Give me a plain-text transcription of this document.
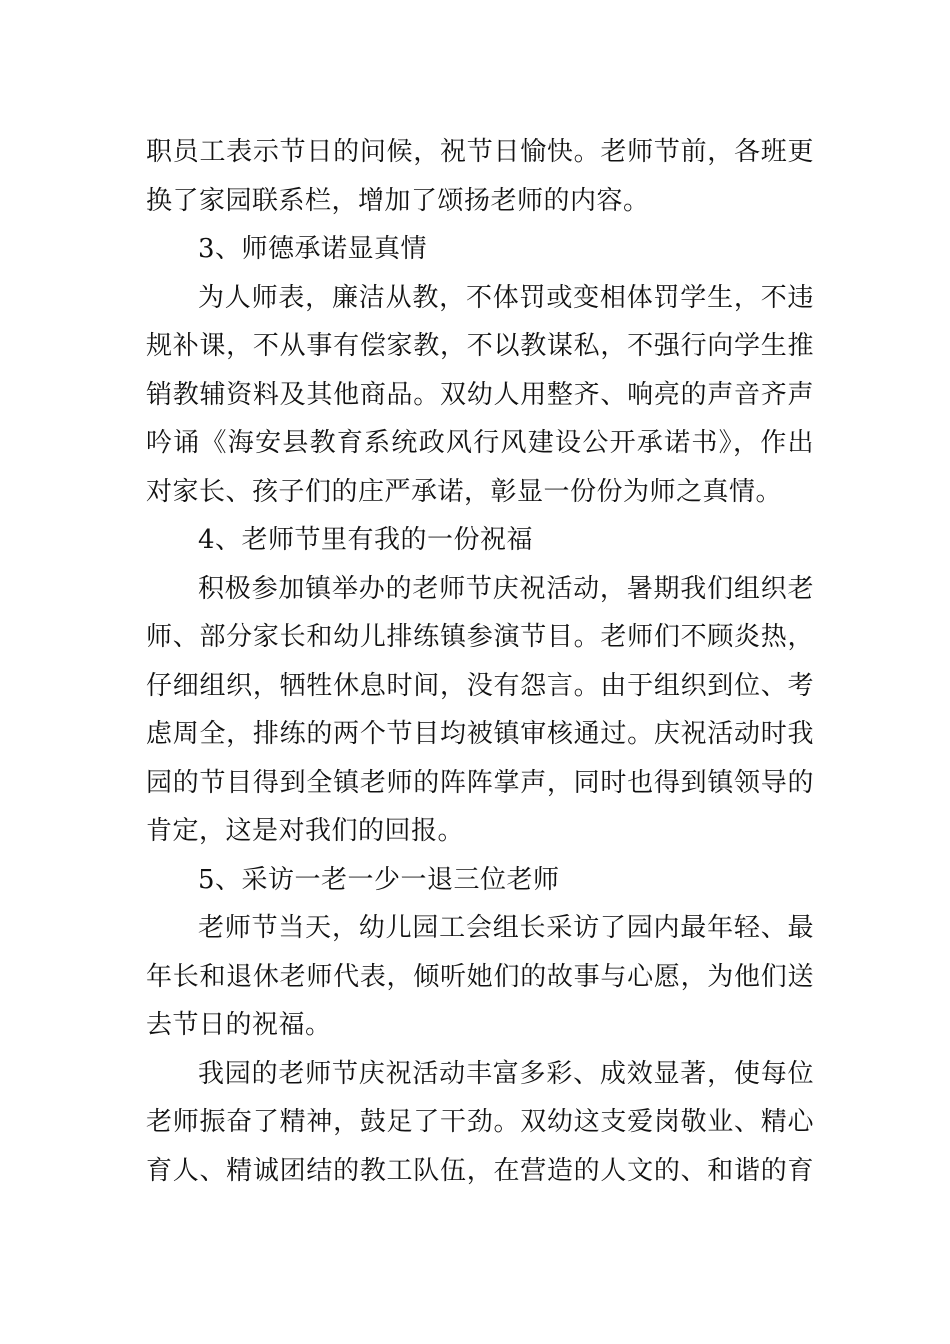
职员工表示节日的问候，祝节日愉快。老师节前，各班更
换了家园联系栏，增加了颂扬老师的内容。
3、师德承诺显真情
为人师表，廉洁从教，不体罚或变相体罚学生，不违
规补课，不从事有偿家教，不以教谋私，不强行向学生推
销教辅资料及其他商品。双幼人用整齐、响亮的声音齐声
吟诵《海安县教育系统政风行风建设公开承诺书》，作出
对家长、孩子们的庄严承诺，彰显一份份为师之真情。
4、老师节里有我的一份祝福
积极参加镇举办的老师节庆祝活动，暑期我们组织老
师、部分家长和幼儿排练镇参演节目。老师们不顾炎热，
仔细组织，牺牲休息时间，没有怨言。由于组织到位、考
虑周全，排练的两个节目均被镇审核通过。庆祝活动时我
园的节目得到全镇老师的阵阵掌声，同时也得到镇领导的
肯定，这是对我们的回报。
5、采访一老一少一退三位老师
老师节当天，幼儿园工会组长采访了园内最年轻、最
年长和退休老师代表，倾听她们的故事与心愿，为他们送
去节日的祝福。
我园的老师节庆祝活动丰富多彩、成效显著，使每位
老师振奋了精神，鼓足了干劲。双幼这支爱岗敬业、精心
育人、精诚团结的教工队伍，在营造的人文的、和谐的育
